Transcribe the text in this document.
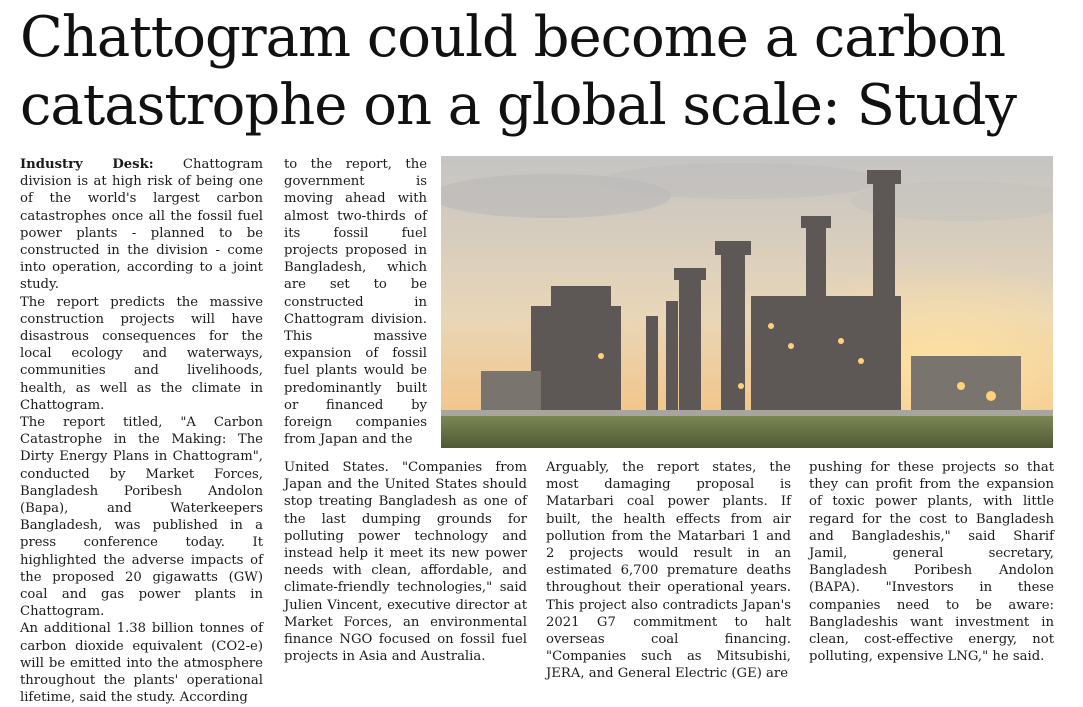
Chattogram could become a carbon catastrophe on a global scale: Study

Industry Desk: Chattogram division is at high risk of being one of the world's largest carbon catastrophes once all the fossil fuel power plants - planned to be constructed in the division - come into operation, according to a joint study.

The report predicts the massive construction projects will have disastrous consequences for the local ecology and waterways, communities and livelihoods, health, as well as the climate in Chattogram.

The report titled, "A Carbon Catastrophe in the Making: The Dirty Energy Plans in Chattogram", conducted by Market Forces, Bangladesh Poribesh Andolon (Bapa), and Waterkeepers Bangladesh, was published in a press conference today. It highlighted the adverse impacts of the proposed 20 gigawatts (GW) coal and gas power plants in Chattogram.

An additional 1.38 billion tonnes of carbon dioxide equivalent (CO2-e) will be emitted into the atmosphere throughout the plants' operational lifetime, said the study. According

to the report, the government is moving ahead with almost two-thirds of its fossil fuel projects proposed in Bangladesh, which are set to be constructed in Chattogram division. This massive expansion of fossil fuel plants would be predominantly built or financed by foreign companies from Japan and the

United States. "Companies from Japan and the United States should stop treating Bangladesh as one of the last dumping grounds for polluting power technology and instead help it meet its new power needs with clean, affordable, and climate-friendly technologies," said Julien Vincent, executive director at Market Forces, an environmental finance NGO focused on fossil fuel projects in Asia and Australia.

Arguably, the report states, the most damaging proposal is Matarbari coal power plants. If built, the health effects from air pollution from the Matarbari 1 and 2 projects would result in an estimated 6,700 premature deaths throughout their operational years. This project also contradicts Japan's 2021 G7 commitment to halt overseas coal financing. "Companies such as Mitsubishi, JERA, and General Electric (GE) are

pushing for these projects so that they can profit from the expansion of toxic power plants, with little regard for the cost to Bangladesh and Bangladeshis," said Sharif Jamil, general secretary, Bangladesh Poribesh Andolon (BAPA). "Investors in these companies need to be aware: Bangladeshis want investment in clean, cost-effective energy, not polluting, expensive LNG," he said.
